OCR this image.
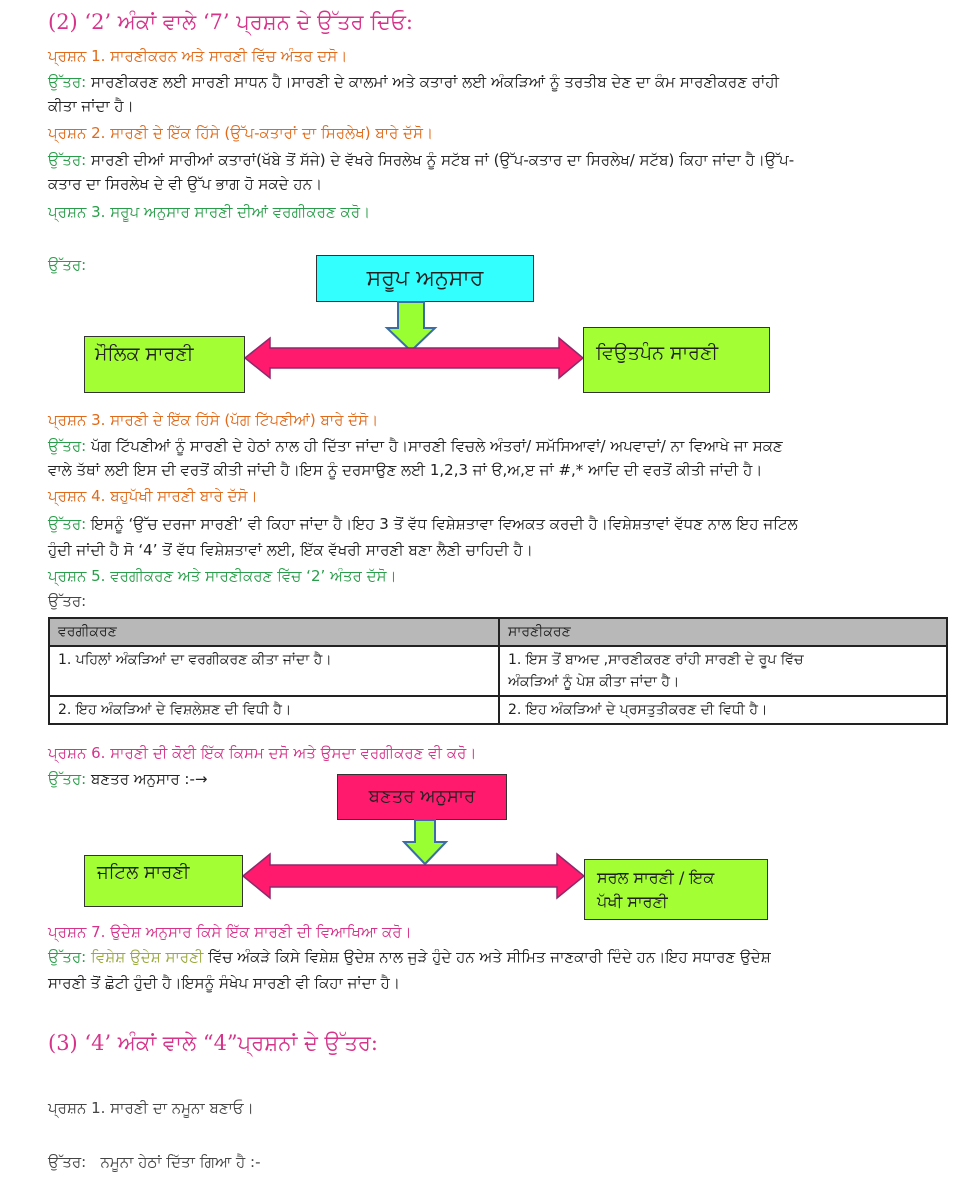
(2) ‘2’ ਅੰਕਾਂ ਵਾਲੇ ‘7’ ਪ੍ਰਸ਼ਨ ਦੇ ਉੱਤਰ ਦਿਓ:
ਪ੍ਰਸ਼ਨ 1. ਸਾਰਣੀਕਰਨ ਅਤੇ ਸਾਰਣੀ ਵਿੱਚ ਅੰਤਰ ਦਸੋ।
ਉੱਤਰ: ਸਾਰਣੀਕਰਣ ਲਈ ਸਾਰਣੀ ਸਾਧਨ ਹੈ।ਸਾਰਣੀ ਦੇ ਕਾਲਮਾਂ ਅਤੇ ਕਤਾਰਾਂ ਲਈ ਅੰਕੜਿਆਂ ਨੂੰ ਤਰਤੀਬ ਦੇਣ ਦਾ ਕੰਮ ਸਾਰਣੀਕਰਣ ਰਾਂਹੀ
ਕੀਤਾ ਜਾਂਦਾ ਹੈ।
ਪ੍ਰਸ਼ਨ 2. ਸਾਰਣੀ ਦੇ ਇੱਕ ਹਿੱਸੇ (ਉੱਪ-ਕਤਾਰਾਂ ਦਾ ਸਿਰਲੇਖ) ਬਾਰੇ ਦੱਸੋ।
ਉੱਤਰ: ਸਾਰਣੀ ਦੀਆਂ ਸਾਰੀਆਂ ਕਤਾਰਾਂ(ਖੱਬੇ ਤੋਂ ਸੱਜੇ) ਦੇ ਵੱਖਰੇ ਸਿਰਲੇਖ ਨੂੰ ਸਟੱਬ ਜਾਂ (ਉੱਪ-ਕਤਾਰ ਦਾ ਸਿਰਲੇਖ/ ਸਟੱਬ) ਕਿਹਾ ਜਾਂਦਾ ਹੈ।ਉੱਪ-
ਕਤਾਰ ਦਾ ਸਿਰਲੇਖ ਦੇ ਵੀ ਉੱਪ ਭਾਗ ਹੋ ਸਕਦੇ ਹਨ।
ਪ੍ਰਸ਼ਨ 3. ਸਰੂਪ ਅਨੁਸਾਰ ਸਾਰਣੀ ਦੀਆਂ ਵਰਗੀਕਰਣ ਕਰੋ।
ਉੱਤਰ:
ਸਰੂਪ ਅਨੁਸਾਰ
ਮੌਲਿਕ ਸਾਰਣੀ	ਵਿਉਤਪੰਨ ਸਾਰਣੀ
ਪ੍ਰਸ਼ਨ 3. ਸਾਰਣੀ ਦੇ ਇੱਕ ਹਿੱਸੇ (ਪੱਗ ਟਿੱਪਣੀਆਂ) ਬਾਰੇ ਦੱਸੋ।
ਉੱਤਰ: ਪੱਗ ਟਿੱਪਣੀਆਂ ਨੂੰ ਸਾਰਣੀ ਦੇ ਹੇਠਾਂ ਨਾਲ ਹੀ ਦਿੱਤਾ ਜਾਂਦਾ ਹੈ।ਸਾਰਣੀ ਵਿਚਲੇ ਅੰਤਰਾਂ/ ਸਮੱਸਿਆਵਾਂ/ ਅਪਵਾਦਾਂ/ ਨਾ ਵਿਆਖੇ ਜਾ ਸਕਣ
ਵਾਲੇ ਤੱਥਾਂ ਲਈ ਇਸ ਦੀ ਵਰਤੋਂ ਕੀਤੀ ਜਾਂਦੀ ਹੈ।ਇਸ ਨੂੰ ਦਰਸਾਉਣ ਲਈ 1,2,3 ਜਾਂ ੳ,ਅ,ੲ ਜਾਂ #,* ਆਦਿ ਦੀ ਵਰਤੋਂ ਕੀਤੀ ਜਾਂਦੀ ਹੈ।
ਪ੍ਰਸ਼ਨ 4. ਬਹੁਪੱਖੀ ਸਾਰਣੀ ਬਾਰੇ ਦੱਸੋ।
ਉੱਤਰ: ਇਸਨੂੰ ‘ਉੱਚ ਦਰਜਾ ਸਾਰਣੀ’ ਵੀ ਕਿਹਾ ਜਾਂਦਾ ਹੈ।ਇਹ 3 ਤੋਂ ਵੱਧ ਵਿਸ਼ੇਸ਼ਤਾਵਾ ਵਿਅਕਤ ਕਰਦੀ ਹੈ।ਵਿਸ਼ੇਸ਼ਤਾਵਾਂ ਵੱਧਣ ਨਾਲ ਇਹ ਜਟਿਲ
ਹੁੰਦੀ ਜਾਂਦੀ ਹੈ ਸੋ ‘4’ ਤੋਂ ਵੱਧ ਵਿਸ਼ੇਸ਼ਤਾਵਾਂ ਲਈ, ਇੱਕ ਵੱਖਰੀ ਸਾਰਣੀ ਬਣਾ ਲੈਣੀ ਚਾਹਿਦੀ ਹੈ।
ਪ੍ਰਸ਼ਨ 5. ਵਰਗੀਕਰਣ ਅਤੇ ਸਾਰਣੀਕਰਣ ਵਿੱਚ ‘2’ ਅੰਤਰ ਦੱਸੋ।
ਉੱਤਰ:
ਵਰਗੀਕਰਣ	ਸਾਰਣੀਕਰਣ
1. ਪਹਿਲਾਂ ਅੰਕੜਿਆਂ ਦਾ ਵਰਗੀਕਰਣ ਕੀਤਾ ਜਾਂਦਾ ਹੈ।	1. ਇਸ ਤੋਂ ਬਾਅਦ ,ਸਾਰਣੀਕਰਣ ਰਾਂਹੀ ਸਾਰਣੀ ਦੇ ਰੂਪ ਵਿੱਚ
ਅੰਕੜਿਆਂ ਨੂੰ ਪੇਸ਼ ਕੀਤਾ ਜਾਂਦਾ ਹੈ।

2. ਇਹ ਅੰਕੜਿਆਂ ਦੇ ਵਿਸ਼ਲੇਸ਼ਣ ਦੀ ਵਿਧੀ ਹੈ।	2. ਇਹ ਅੰਕੜਿਆਂ ਦੇ ਪ੍ਰਸਤੁਤੀਕਰਣ ਦੀ ਵਿਧੀ ਹੈ।
ਪ੍ਰਸ਼ਨ 6. ਸਾਰਣੀ ਦੀ ਕੋਈ ਇੱਕ ਕਿਸਮ ਦਸੋ ਅਤੇ ਉਸਦਾ ਵਰਗੀਕਰਣ ਵੀ ਕਰੋ।
ਉੱਤਰ: ਬਣਤਰ ਅਨੁਸਾਰ :-→
ਬਣਤਰ ਅਨੁਸਾਰ
ਜਟਿਲ ਸਾਰਣੀ	ਸਰਲ ਸਾਰਣੀ / ਇਕ
ਪੱਖੀ ਸਾਰਣੀ
ਪ੍ਰਸ਼ਨ 7. ਉਦੇਸ਼ ਅਨੁਸਾਰ ਕਿਸੇ ਇੱਕ ਸਾਰਣੀ ਦੀ ਵਿਆਖਿਆ ਕਰੋ।
ਉੱਤਰ: ਵਿਸ਼ੇਸ਼ ਉਦੇਸ਼ ਸਾਰਣੀ ਵਿੱਚ ਅੰਕੜੇ ਕਿਸੇ ਵਿਸ਼ੇਸ਼ ਉਦੇਸ਼ ਨਾਲ ਜੁੜੇ ਹੁੰਦੇ ਹਨ ਅਤੇ ਸੀਮਿਤ ਜਾਣਕਾਰੀ ਦਿੰਦੇ ਹਨ।ਇਹ ਸਧਾਰਣ ਉਦੇਸ਼
ਸਾਰਣੀ ਤੋਂ ਛੋਟੀ ਹੁੰਦੀ ਹੈ।ਇਸਨੂੰ ਸੰਖੇਪ ਸਾਰਣੀ ਵੀ ਕਿਹਾ ਜਾਂਦਾ ਹੈ।
(3) ‘4’ ਅੰਕਾਂ ਵਾਲੇ “4”ਪ੍ਰਸ਼ਨਾਂ ਦੇ ਉੱਤਰ:
ਪ੍ਰਸ਼ਨ 1. ਸਾਰਣੀ ਦਾ ਨਮੂਨਾ ਬਣਾਓ।
ਉੱਤਰ: ਨਮੂਨਾ ਹੇਠਾਂ ਦਿੱਤਾ ਗਿਆ ਹੈ :-
